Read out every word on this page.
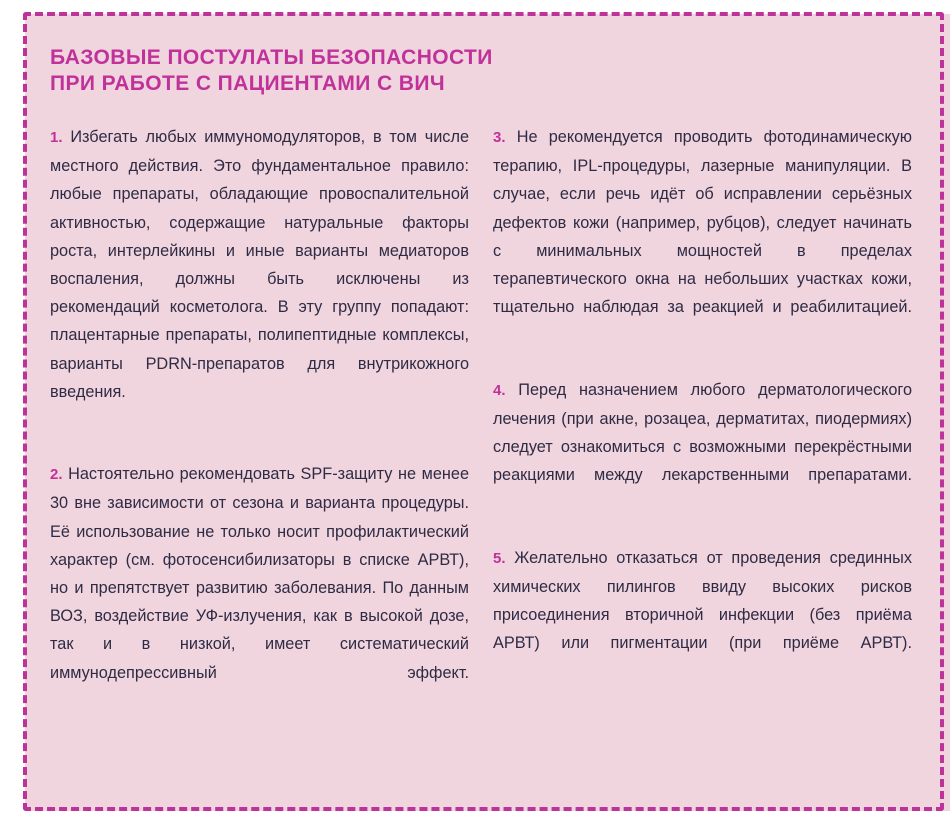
БАЗОВЫЕ ПОСТУЛАТЫ БЕЗОПАСНОСТИ
ПРИ РАБОТЕ С ПАЦИЕНТАМИ С ВИЧ

1. Избегать любых иммуномодуляторов, в том числе местного действия. Это фундаментальное правило: любые препараты, обладающие провоспалительной активностью, содержащие натуральные факторы роста, интерлейкины и иные варианты медиаторов воспаления, должны быть исключены из рекомендаций косметолога. В эту группу попадают: плацентарные препараты, полипептидные комплексы, варианты PDRN-препаратов для внутрикожного введения.

2. Настоятельно рекомендовать SPF-защиту не менее 30 вне зависимости от сезона и варианта процедуры. Её использование не только носит профилактический характер (см. фотосенсибилизаторы в списке АРВТ), но и препятствует развитию заболевания. По данным ВОЗ, воздействие УФ-излучения, как в высокой дозе, так и в низкой, имеет систематический иммунодепрессивный эффект.

3. Не рекомендуется проводить фотодинамическую терапию, IPL-процедуры, лазерные манипуляции. В случае, если речь идёт об исправлении серьёзных дефектов кожи (например, рубцов), следует начинать с минимальных мощностей в пределах терапевтического окна на небольших участках кожи, тщательно наблюдая за реакцией и реабилитацией.

4. Перед назначением любого дерматологического лечения (при акне, розацеа, дерматитах, пиодермиях) следует ознакомиться с возможными перекрёстными реакциями между лекарственными препаратами.

5. Желательно отказаться от проведения срединных химических пилингов ввиду высоких рисков присоединения вторичной инфекции (без приёма АРВТ) или пигментации (при приёме АРВТ).
